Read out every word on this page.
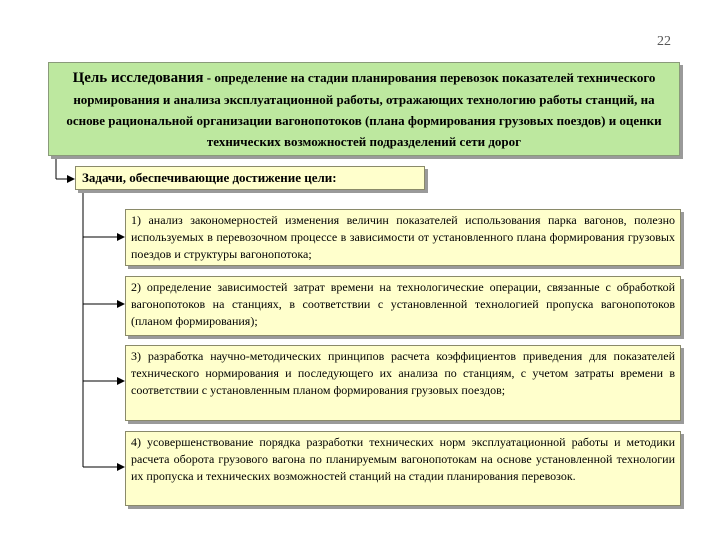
22
Цель исследования - определение на стадии планирования перевозок показателей технического нормирования и анализа эксплуатационной работы, отражающих технологию работы станций, на основе рациональной организации вагонопотоков (плана формирования грузовых поездов) и оценки технических возможностей подразделений сети дорог
Задачи, обеспечивающие достижение цели:
1) анализ закономерностей изменения величин показателей использования парка вагонов, полезно используемых в перевозочном процессе в зависимости от установленного плана формирования грузовых поездов и структуры вагонопотока;
2) определение зависимостей затрат времени на технологические операции, связанные с обработкой вагонопотоков на станциях, в соответствии с установленной технологией пропуска вагонопотоков (планом формирования);
3) разработка научно-методических принципов расчета коэффициентов приведения для показателей технического нормирования и последующего их анализа по станциям, с учетом затраты времени в соответствии с установленным планом формирования грузовых поездов;
4) усовершенствование порядка разработки технических норм эксплуатационной работы и методики расчета оборота грузового вагона по планируемым вагонопотокам на основе установленной технологии их пропуска и технических возможностей станций на стадии планирования перевозок.
